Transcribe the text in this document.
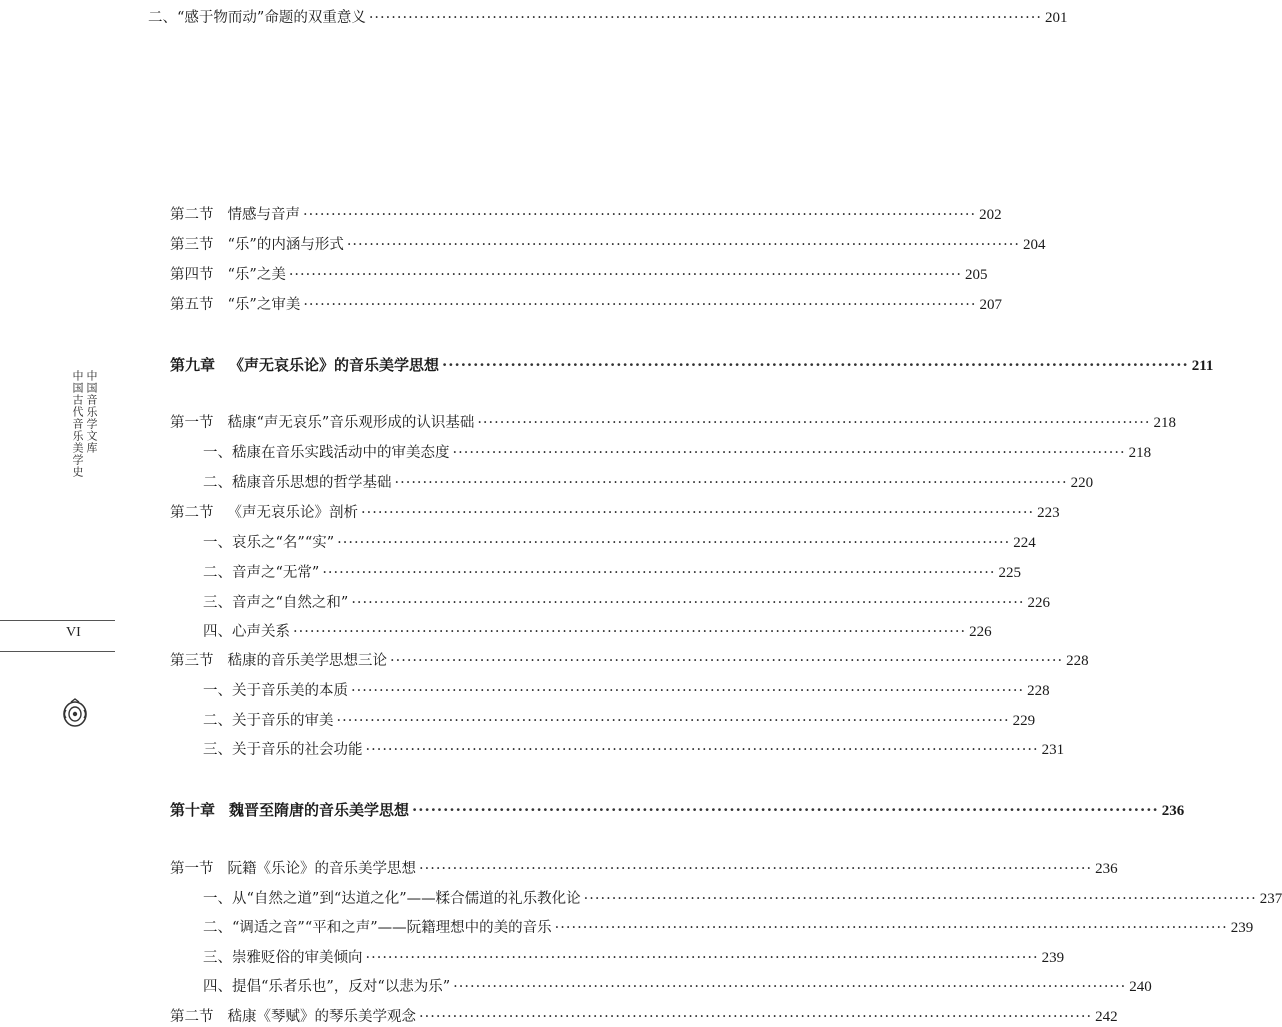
中国音乐学文库
中国古代音乐美学史
VI
二、“感于物而动”命题的双重意义 ························································································································ 201
第二节 情感与音声 ························································································································ 202
第三节 “乐”的内涵与形式 ························································································································ 204
第四节 “乐”之美 ························································································································ 205
第五节 “乐”之审美 ························································································································ 207
第九章 《声无哀乐论》的音乐美学思想 ························································································································ 211
第一节 嵇康“声无哀乐”音乐观形成的认识基础 ························································································································ 218
一、嵇康在音乐实践活动中的审美态度 ························································································································ 218
二、嵇康音乐思想的哲学基础 ························································································································ 220
第二节 《声无哀乐论》剖析 ························································································································ 223
一、哀乐之“名”“实” ························································································································ 224
二、音声之“无常” ························································································································ 225
三、音声之“自然之和” ························································································································ 226
四、心声关系 ························································································································ 226
第三节 嵇康的音乐美学思想三论 ························································································································ 228
一、关于音乐美的本质 ························································································································ 228
二、关于音乐的审美 ························································································································ 229
三、关于音乐的社会功能 ························································································································ 231
第十章 魏晋至隋唐的音乐美学思想 ························································································································ 236
第一节 阮籍《乐论》的音乐美学思想 ························································································································ 236
一、从“自然之道”到“达道之化”——糅合儒道的礼乐教化论 ························································································································ 237
二、“调适之音”“平和之声”——阮籍理想中的美的音乐 ························································································································ 239
三、崇雅贬俗的审美倾向 ························································································································ 239
四、提倡“乐者乐也”，反对“以悲为乐” ························································································································ 240
第二节 嵇康《琴赋》的琴乐美学观念 ························································································································ 242
